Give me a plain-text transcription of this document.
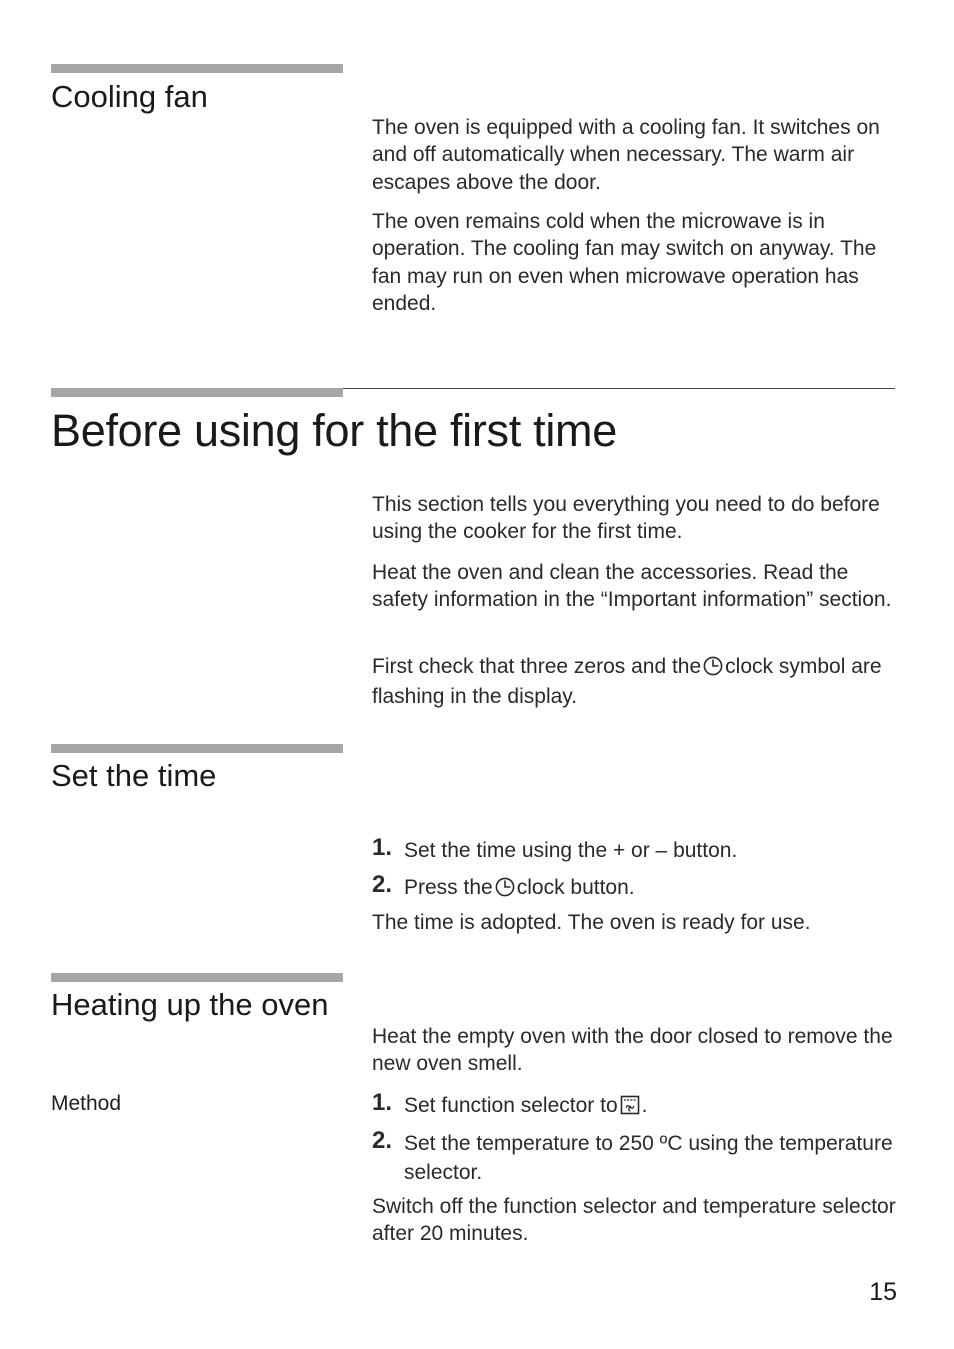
Cooling fan

The oven is equipped with a cooling fan. It switches on and off automatically when necessary. The warm air escapes above the door.

The oven remains cold when the microwave is in operation. The cooling fan may switch on anyway. The fan may run on even when microwave operation has ended.

Before using for the first time

This section tells you everything you need to do before using the cooker for the first time.

Heat the oven and clean the accessories. Read the safety information in the “Important information” section.

First check that three zeros and the clock symbol are flashing in the display.

Set the time
1. Set the time using the + or – button.
2. Press the clock button.

The time is adopted. The oven is ready for use.

Heating up the oven

Heat the empty oven with the door closed to remove the new oven smell.

Method	1. Set function selector to .
2. Set the temperature to 250 ºC using the temperature selector.

Switch off the function selector and temperature selector after 20 minutes.

15
